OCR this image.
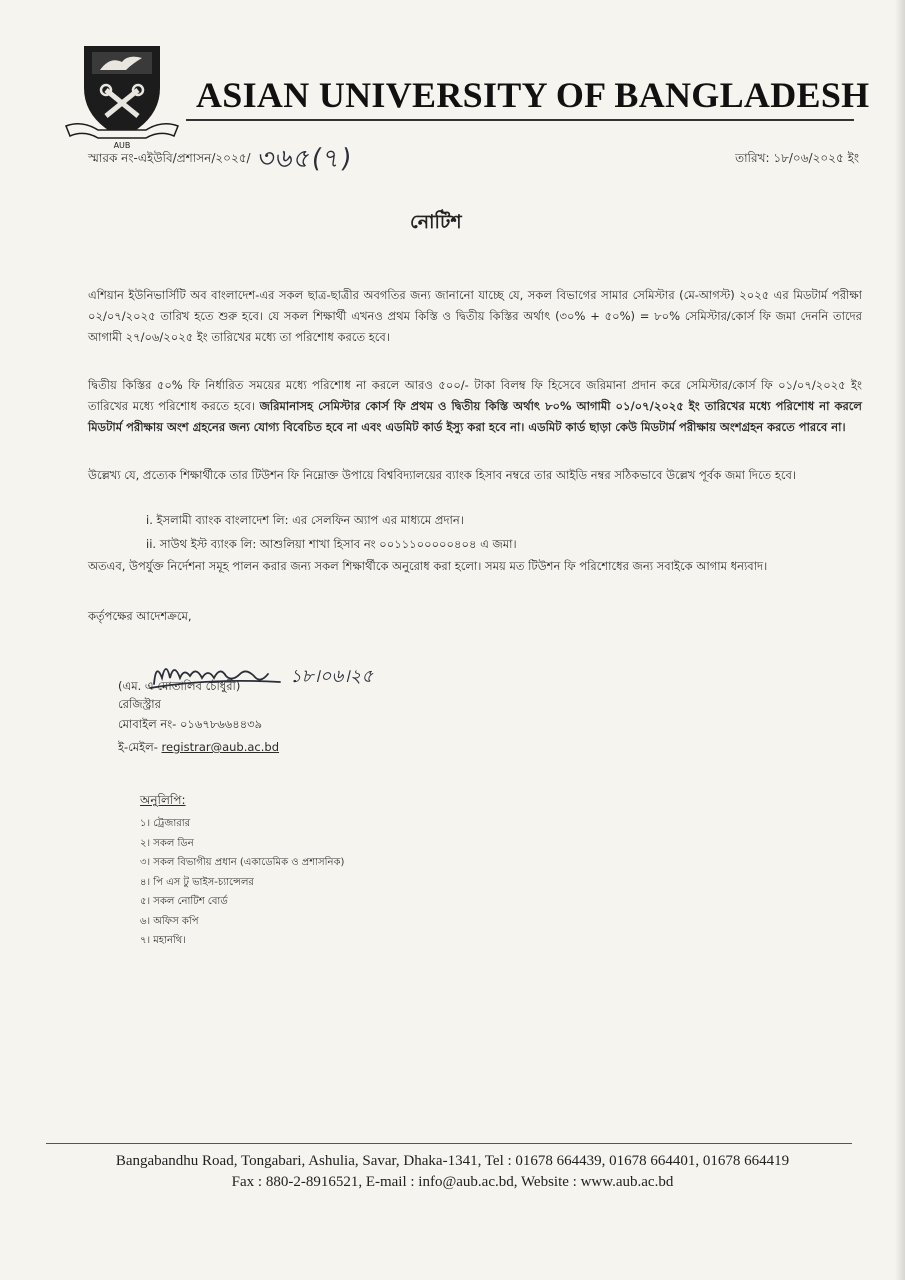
AUB
ASIAN UNIVERSITY OF BANGLADESH
স্মারক নং-এইউবি/প্রশাসন/২০২৫/ ৩৬৫(৭)	তারিখ: ১৮/০৬/২০২৫ ইং
নোটিশ
এশিয়ান ইউনিভার্সিটি অব বাংলাদেশ-এর সকল ছাত্র-ছাত্রীর অবগতির জন্য জানানো যাচ্ছে যে, সকল বিভাগের সামার সেমিস্টার (মে-আগস্ট) ২০২৫ এর মিডটার্ম পরীক্ষা ০২/০৭/২০২৫ তারিখ হতে শুরু হবে। যে সকল শিক্ষার্থী এখনও প্রথম কিস্তি ও দ্বিতীয় কিস্তির অর্থাৎ (৩০% + ৫০%) = ৮০% সেমিস্টার/কোর্স ফি জমা দেননি তাদের আগামী ২৭/০৬/২০২৫ ইং তারিখের মধ্যে তা পরিশোধ করতে হবে।
দ্বিতীয় কিস্তির ৫০% ফি নির্ধারিত সময়ের মধ্যে পরিশোধ না করলে আরও ৫০০/- টাকা বিলম্ব ফি হিসেবে জরিমানা প্রদান করে সেমিস্টার/কোর্স ফি ০১/০৭/২০২৫ ইং তারিখের মধ্যে পরিশোধ করতে হবে। জরিমানাসহ সেমিস্টার কোর্স ফি প্রথম ও দ্বিতীয় কিস্তি অর্থাৎ ৮০% আগামী ০১/০৭/২০২৫ ইং তারিখের মধ্যে পরিশোধ না করলে মিডটার্ম পরীক্ষায় অংশ গ্রহনের জন্য যোগ্য বিবেচিত হবে না এবং এডমিট কার্ড ইস্যু করা হবে না। এডমিট কার্ড ছাড়া কেউ মিডটার্ম পরীক্ষায় অংশগ্রহন করতে পারবে না।
উল্লেখ্য যে, প্রত্যেক শিক্ষার্থীকে তার টিউশন ফি নিম্নোক্ত উপায়ে বিশ্ববিদ্যালয়ের ব্যাংক হিসাব নম্বরে তার আইডি নম্বর সঠিকভাবে উল্লেখ পূর্বক জমা দিতে হবে।
i. ইসলামী ব্যাংক বাংলাদেশ লি: এর সেলফিন অ্যাপ এর মাধ্যমে প্রদান।
ii. সাউথ ইস্ট ব্যাংক লি: আশুলিয়া শাখা হিসাব নং ০০১১১০০০০০৪০৪ এ জমা।
অতএব, উপর্যুক্ত নির্দেশনা সমূহ পালন করার জন্য সকল শিক্ষার্থীকে অনুরোধ করা হলো। সময় মত টিউশন ফি পরিশোধের জন্য সবাইকে আগাম ধন্যবাদ।
কর্তৃপক্ষের আদেশক্রমে,
১৮।০৬।২৫
(এম. এ মোতালিব চৌধুরী)
রেজিস্ট্রার
মোবাইল নং- ০১৬৭৮৬৬৪৪৩৯
ই-মেইল- registrar@aub.ac.bd
অনুলিপি:
১। ট্রেজারার
২। সকল ডিন
৩। সকল বিভাগীয় প্রধান (একাডেমিক ও প্রশাসনিক)
৪। পি এস টু ভাইস-চ্যান্সেলর
৫। সকল নোটিশ বোর্ড
৬। অফিস কপি
৭। মহানথি।
Bangabandhu Road, Tongabari, Ashulia, Savar, Dhaka-1341, Tel : 01678 664439, 01678 664401, 01678 664419
Fax : 880-2-8916521, E-mail : info@aub.ac.bd, Website : www.aub.ac.bd
